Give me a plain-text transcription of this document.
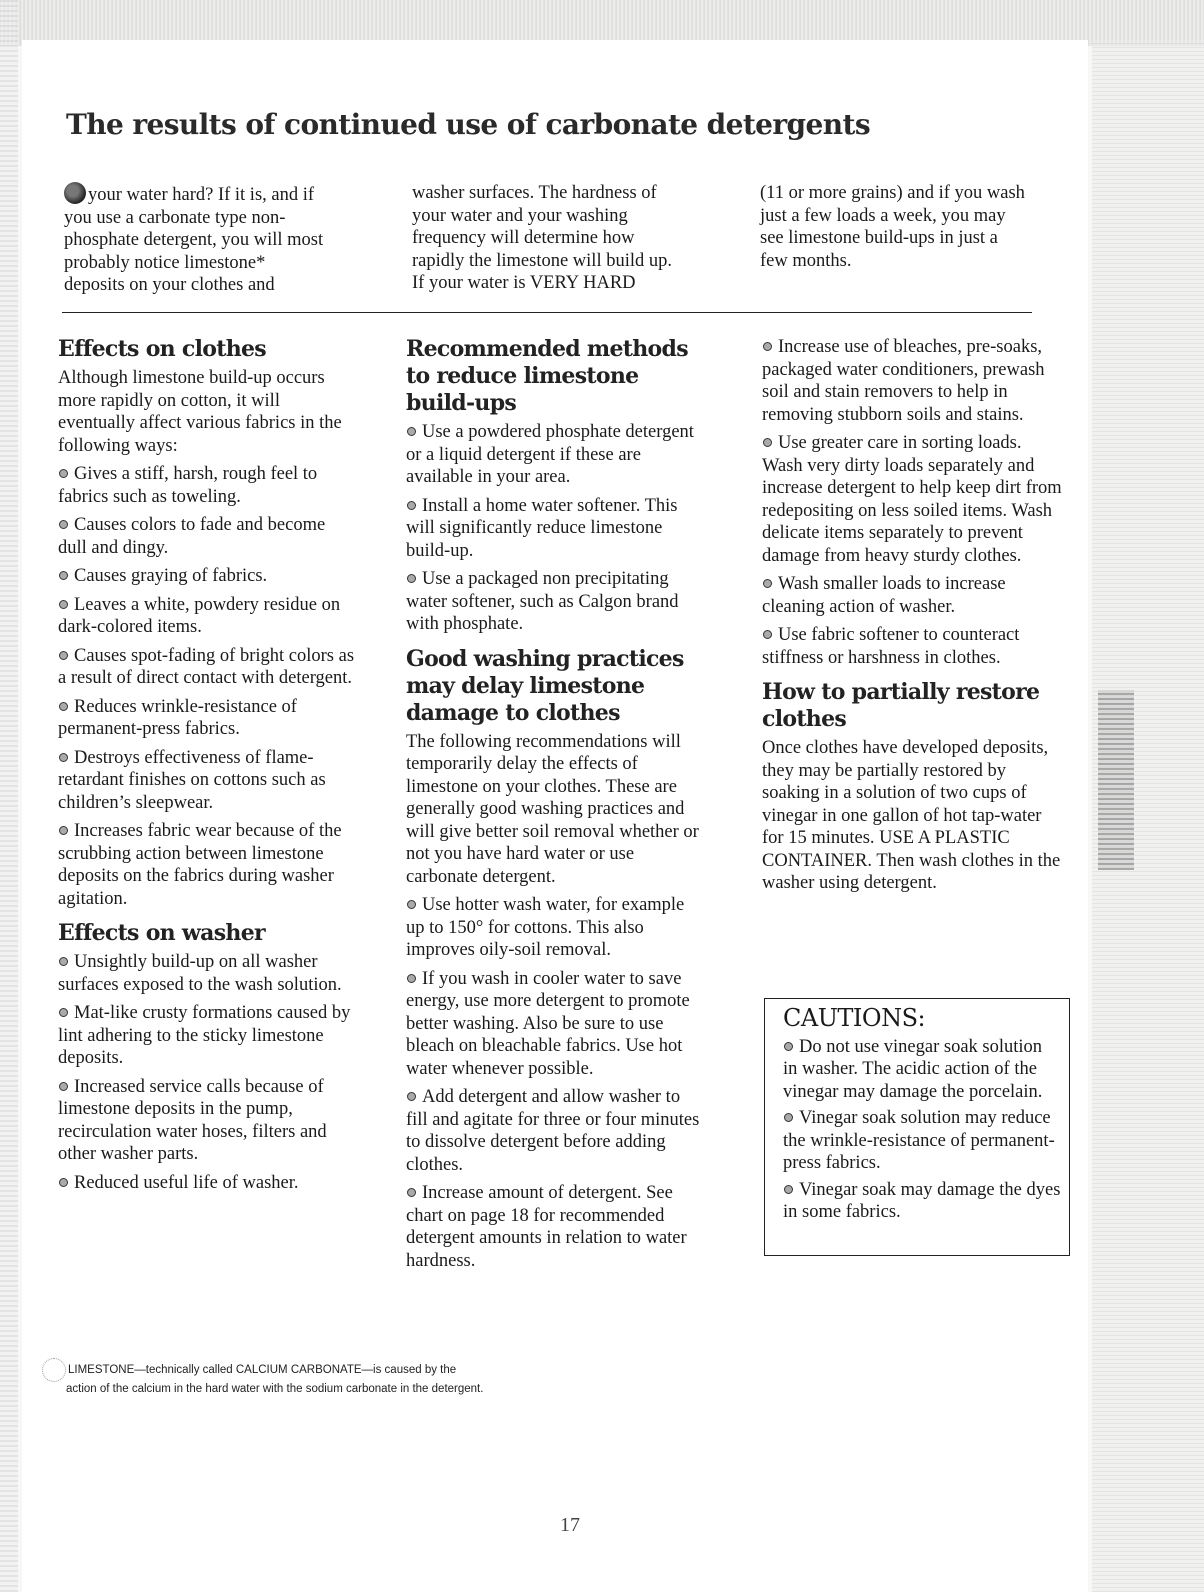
The results of continued use of carbonate detergents

your water hard? If it is, and if

you use a carbonate type non-

phosphate detergent, you will most

probably notice limestone*

deposits on your clothes and

washer surfaces. The hardness of

your water and your washing

frequency will determine how

rapidly the limestone will build up.

If your water is VERY HARD

(11 or more grains) and if you wash

just a few loads a week, you may

see limestone build-ups in just a

few months.

Effects on clothes

Although limestone build-up occurs more rapidly on cotton, it will eventually affect various fabrics in the following ways:

Gives a stiff, harsh, rough feel to fabrics such as toweling.

Causes colors to fade and become dull and dingy.

Causes graying of fabrics.

Leaves a white, powdery residue on dark-colored items.

Causes spot-fading of bright colors as a result of direct contact with detergent.

Reduces wrinkle-resistance of permanent-press fabrics.

Destroys effectiveness of flame-retardant finishes on cottons such as children’s sleepwear.

Increases fabric wear because of the scrubbing action between limestone deposits on the fabrics during washer agitation.

Effects on washer

Unsightly build-up on all washer surfaces exposed to the wash solution.

Mat-like crusty formations caused by lint adhering to the sticky limestone deposits.

Increased service calls because of limestone deposits in the pump, recirculation water hoses, filters and other washer parts.

Reduced useful life of washer.

Recommended methods to reduce limestone build-ups

Use a powdered phosphate detergent or a liquid detergent if these are available in your area.

Install a home water softener. This will significantly reduce limestone build-up.

Use a packaged non precipitating water softener, such as Calgon brand with phosphate.

Good washing practices may delay limestone damage to clothes

The following recommendations will temporarily delay the effects of limestone on your clothes. These are generally good washing practices and will give better soil removal whether or not you have hard water or use carbonate detergent.

Use hotter wash water, for example up to 150° for cottons. This also improves oily-soil removal.

If you wash in cooler water to save energy, use more detergent to promote better washing. Also be sure to use bleach on bleachable fabrics. Use hot water whenever possible.

Add detergent and allow washer to fill and agitate for three or four minutes to dissolve detergent before adding clothes.

Increase amount of detergent. See chart on page 18 for recommended detergent amounts in relation to water hardness.

Increase use of bleaches, pre-soaks, packaged water conditioners, prewash soil and stain removers to help in removing stubborn soils and stains.

Use greater care in sorting loads. Wash very dirty loads separately and increase detergent to help keep dirt from redepositing on less soiled items. Wash delicate items separately to prevent damage from heavy sturdy clothes.

Wash smaller loads to increase cleaning action of washer.

Use fabric softener to counteract stiffness or harshness in clothes.

How to partially restore clothes

Once clothes have developed deposits, they may be partially restored by soaking in a solution of two cups of vinegar in one gallon of hot tap-water for 15 minutes. USE A PLASTIC CONTAINER. Then wash clothes in the washer using detergent.

CAUTIONS:

Do not use vinegar soak solution in washer. The acidic action of the vinegar may damage the porcelain.

Vinegar soak solution may reduce the wrinkle-resistance of permanent-press fabrics.

Vinegar soak may damage the dyes in some fabrics.

LIMESTONE—technically called CALCIUM CARBONATE—is caused by the
action of the calcium in the hard water with the sodium carbonate in the detergent.
17
